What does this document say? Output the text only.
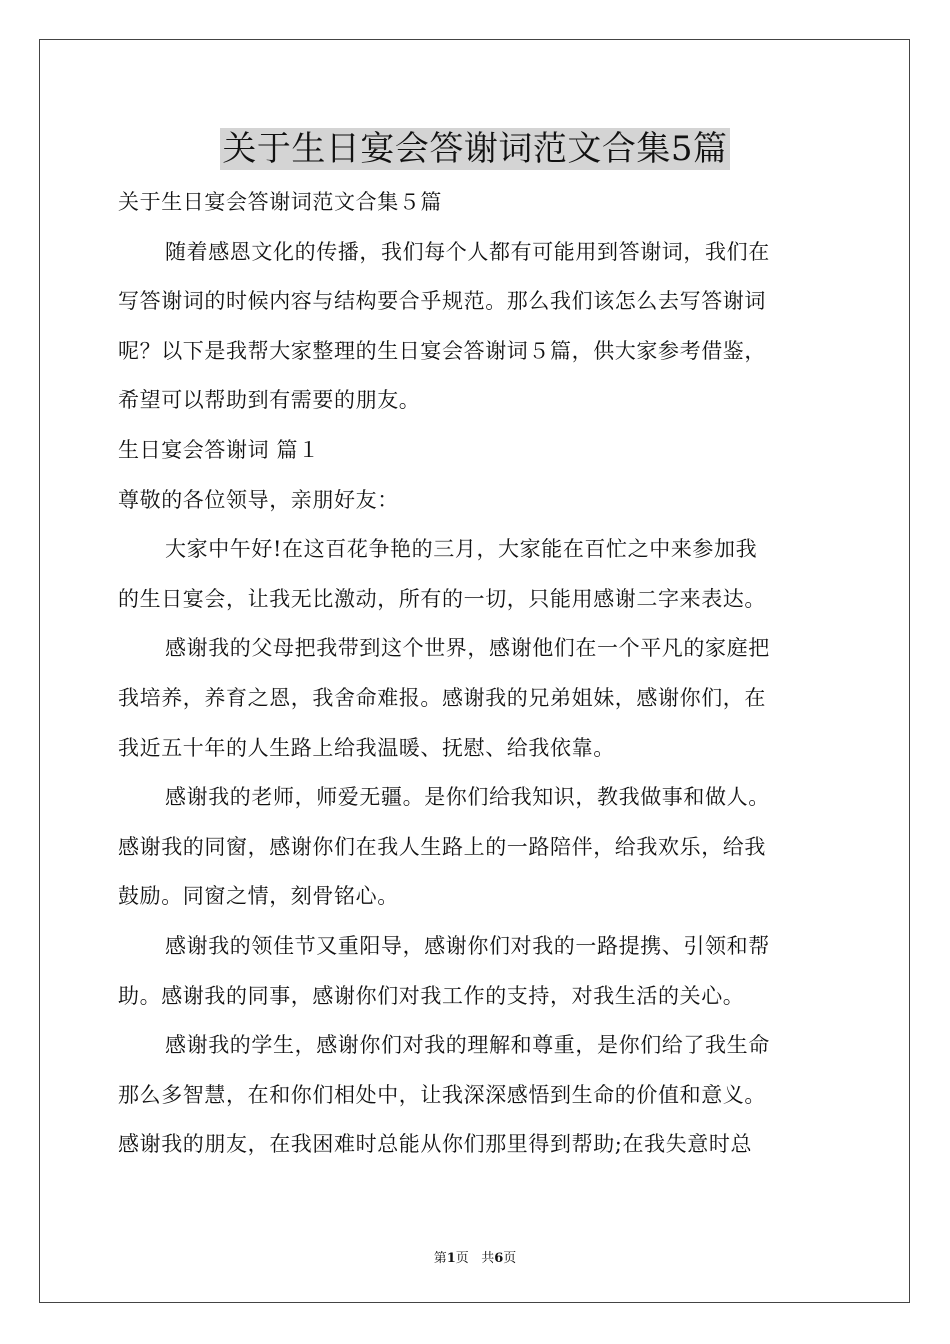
关于生日宴会答谢词范文合集5篇
关于生日宴会答谢词范文合集５篇
随着感恩文化的传播，我们每个人都有可能用到答谢词，我们在
写答谢词的时候内容与结构要合乎规范。那么我们该怎么去写答谢词
呢？以下是我帮大家整理的生日宴会答谢词５篇，供大家参考借鉴，
希望可以帮助到有需要的朋友。
生日宴会答谢词 篇１
尊敬的各位领导，亲朋好友：
大家中午好!在这百花争艳的三月，大家能在百忙之中来参加我
的生日宴会，让我无比激动，所有的一切，只能用感谢二字来表达。
感谢我的父母把我带到这个世界，感谢他们在一个平凡的家庭把
我培养，养育之恩，我舍命难报。感谢我的兄弟姐妹，感谢你们，在
我近五十年的人生路上给我温暖、抚慰、给我依靠。
感谢我的老师，师爱无疆。是你们给我知识，教我做事和做人。
感谢我的同窗，感谢你们在我人生路上的一路陪伴，给我欢乐，给我
鼓励。同窗之情，刻骨铭心。
感谢我的领佳节又重阳导，感谢你们对我的一路提携、引领和帮
助。感谢我的同事，感谢你们对我工作的支持，对我生活的关心。
感谢我的学生，感谢你们对我的理解和尊重，是你们给了我生命
那么多智慧，在和你们相处中，让我深深感悟到生命的价值和意义。
感谢我的朋友，在我困难时总能从你们那里得到帮助;在我失意时总
第1页 共6页
